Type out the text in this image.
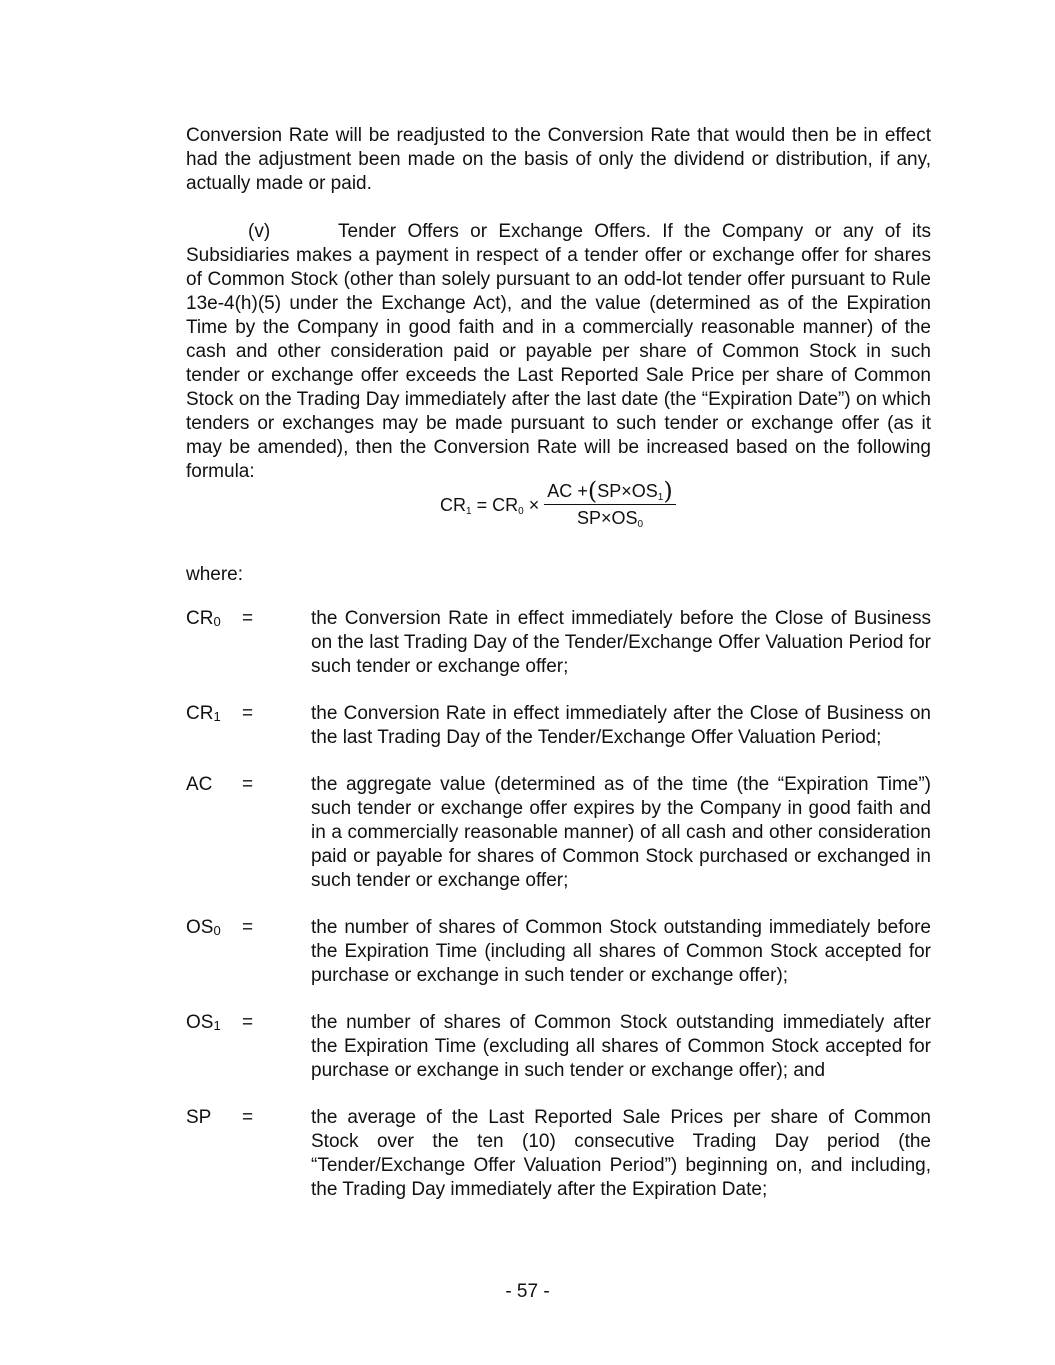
Conversion Rate will be readjusted to the Conversion Rate that would then be in effect had the adjustment been made on the basis of only the dividend or distribution, if any, actually made or paid.

(v)	Tender Offers or Exchange Offers. If the Company or any of its Subsidiaries makes a payment in respect of a tender offer or exchange offer for shares of Common Stock (other than solely pursuant to an odd-lot tender offer pursuant to Rule 13e-4(h)(5) under the Exchange Act), and the value (determined as of the Expiration Time by the Company in good faith and in a commercially reasonable manner) of the cash and other consideration paid or payable per share of Common Stock in such tender or exchange offer exceeds the Last Reported Sale Price per share of Common Stock on the Trading Day immediately after the last date (the “Expiration Date”) on which tenders or exchanges may be made pursuant to such tender or exchange offer (as it may be amended), then the Conversion Rate will be increased based on the following formula:

$CR_1 = CR_0 \times \frac{AC +(SP\times OS_1)}{SP\times OS_0}$

where:

$CR_0$	=	the Conversion Rate in effect immediately before the Close of Business on the last Trading Day of the Tender/Exchange Offer Valuation Period for such tender or exchange offer;
$CR_1$	=	the Conversion Rate in effect immediately after the Close of Business on the last Trading Day of the Tender/Exchange Offer Valuation Period;
AC	=	the aggregate value (determined as of the time (the “Expiration Time”) such tender or exchange offer expires by the Company in good faith and in a commercially reasonable manner) of all cash and other consideration paid or payable for shares of Common Stock purchased or exchanged in such tender or exchange offer;
$OS_0$	=	the number of shares of Common Stock outstanding immediately before the Expiration Time (including all shares of Common Stock accepted for purchase or exchange in such tender or exchange offer);
$OS_1$	=	the number of shares of Common Stock outstanding immediately after the Expiration Time (excluding all shares of Common Stock accepted for purchase or exchange in such tender or exchange offer); and
SP	=	the average of the Last Reported Sale Prices per share of Common Stock over the ten (10) consecutive Trading Day period (the “Tender/Exchange Offer Valuation Period”) beginning on, and including, the Trading Day immediately after the Expiration Date;
- 57 -
